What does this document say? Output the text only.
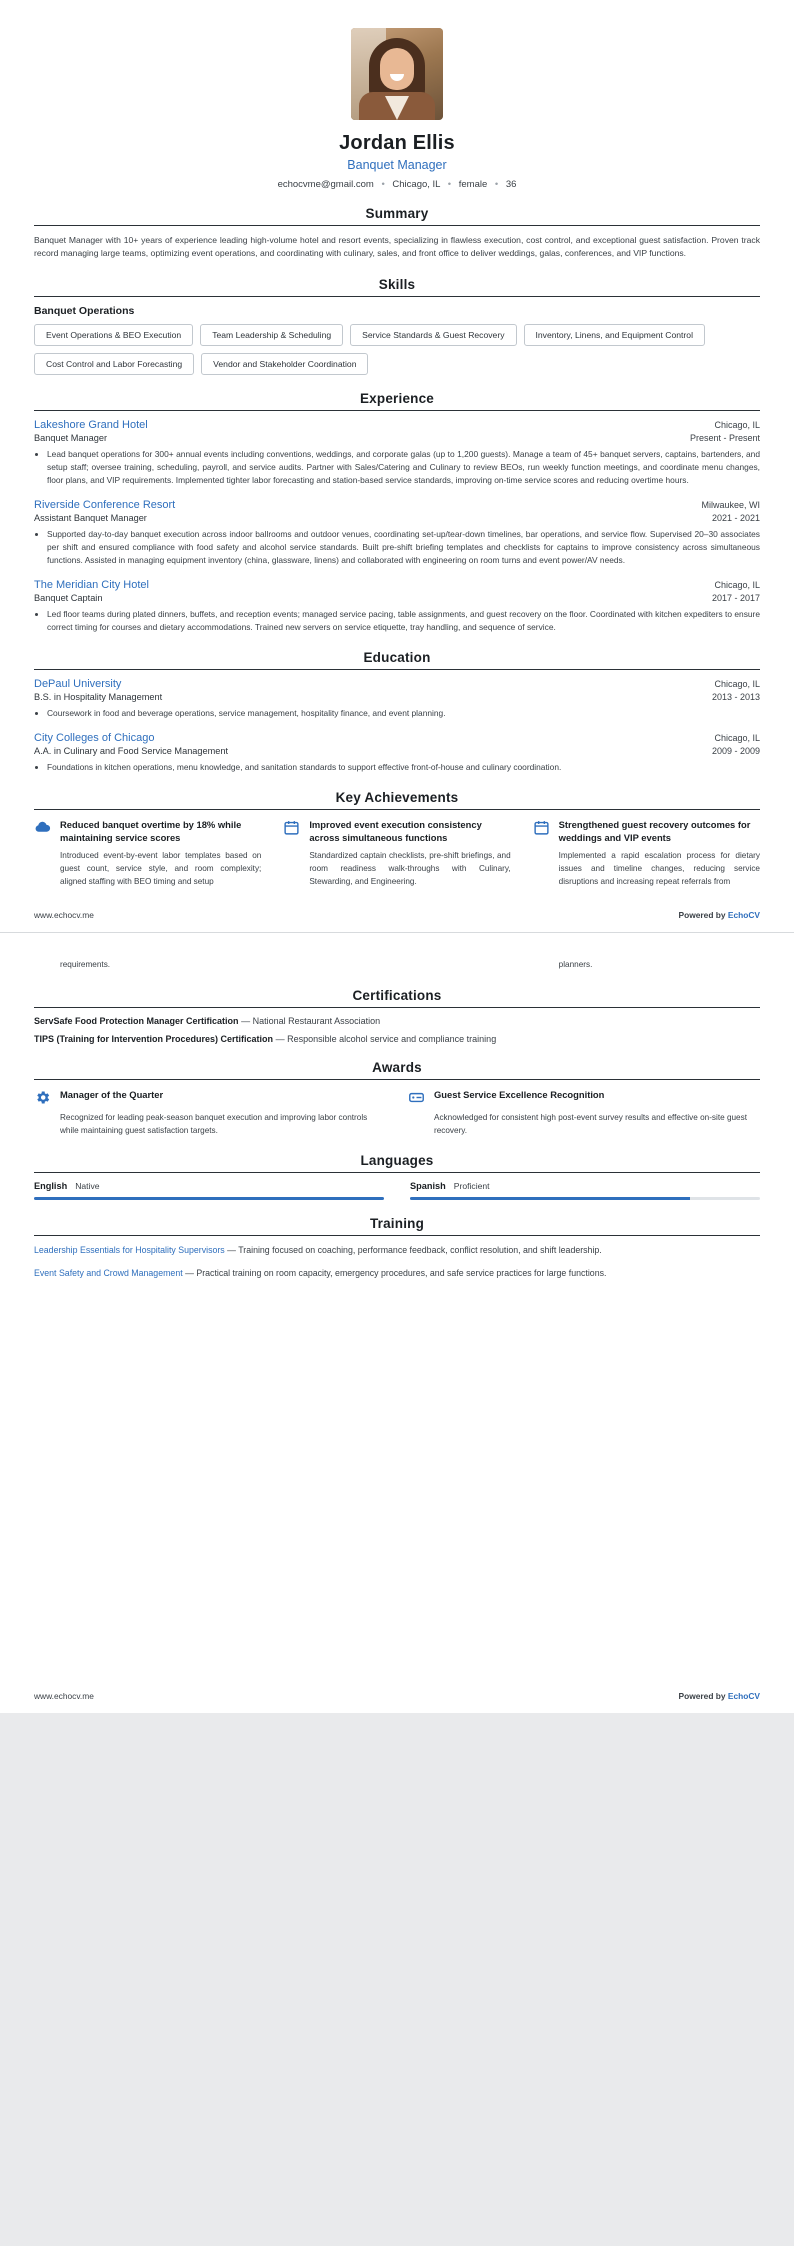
Jordan Ellis
Banquet Manager
echocvme@gmail.com • Chicago, IL • female • 36
Summary
Banquet Manager with 10+ years of experience leading high-volume hotel and resort events, specializing in flawless execution, cost control, and exceptional guest satisfaction. Proven track record managing large teams, optimizing event operations, and coordinating with culinary, sales, and front office to deliver weddings, galas, conferences, and VIP functions.
Skills
Banquet Operations
Event Operations & BEO Execution	Team Leadership & Scheduling	Service Standards & Guest Recovery	Inventory, Linens, and Equipment Control
Cost Control and Labor Forecasting	Vendor and Stakeholder Coordination
Experience
Lakeshore Grand Hotel	Chicago, IL
Banquet Manager	Present - Present
• Lead banquet operations for 300+ annual events including conventions, weddings, and corporate galas (up to 1,200 guests). Manage a team of 45+ banquet servers, captains, bartenders, and setup staff; oversee training, scheduling, payroll, and service audits. Partner with Sales/Catering and Culinary to review BEOs, run weekly function meetings, and coordinate menu changes, floor plans, and VIP requirements. Implemented tighter labor forecasting and station-based service standards, improving on-time service scores and reducing overtime hours.
Riverside Conference Resort	Milwaukee, WI
Assistant Banquet Manager	2021 - 2021
• Supported day-to-day banquet execution across indoor ballrooms and outdoor venues, coordinating set-up/tear-down timelines, bar operations, and service flow. Supervised 20–30 associates per shift and ensured compliance with food safety and alcohol service standards. Built pre-shift briefing templates and checklists for captains to improve consistency across simultaneous functions. Assisted in managing equipment inventory (china, glassware, linens) and collaborated with engineering on room turns and event power/AV needs.
The Meridian City Hotel	Chicago, IL
Banquet Captain	2017 - 2017
• Led floor teams during plated dinners, buffets, and reception events; managed service pacing, table assignments, and guest recovery on the floor. Coordinated with kitchen expediters to ensure correct timing for courses and dietary accommodations. Trained new servers on service etiquette, tray handling, and sequence of service.
Education
DePaul University	Chicago, IL
B.S. in Hospitality Management	2013 - 2013
• Coursework in food and beverage operations, service management, hospitality finance, and event planning.
City Colleges of Chicago	Chicago, IL
A.A. in Culinary and Food Service Management	2009 - 2009
• Foundations in kitchen operations, menu knowledge, and sanitation standards to support effective front-of-house and culinary coordination.
Key Achievements
Reduced banquet overtime by 18% while maintaining service scores
Introduced event-by-event labor templates based on guest count, service style, and room complexity; aligned staffing with BEO timing and setup
Improved event execution consistency across simultaneous functions
Standardized captain checklists, pre-shift briefings, and room readiness walk-throughs with Culinary, Stewarding, and Engineering.
Strengthened guest recovery outcomes for weddings and VIP events
Implemented a rapid escalation process for dietary issues and timeline changes, reducing service disruptions and increasing repeat referrals from
www.echocv.me	Powered by EchoCV
requirements.	planners.
Certifications
ServSafe Food Protection Manager Certification — National Restaurant Association
TIPS (Training for Intervention Procedures) Certification — Responsible alcohol service and compliance training
Awards
Manager of the Quarter
Recognized for leading peak-season banquet execution and improving labor controls while maintaining guest satisfaction targets.
Guest Service Excellence Recognition
Acknowledged for consistent high post-event survey results and effective on-site guest recovery.
Languages
English Native	Spanish Proficient
Training
Leadership Essentials for Hospitality Supervisors — Training focused on coaching, performance feedback, conflict resolution, and shift leadership.
Event Safety and Crowd Management — Practical training on room capacity, emergency procedures, and safe service practices for large functions.
www.echocv.me	Powered by EchoCV
